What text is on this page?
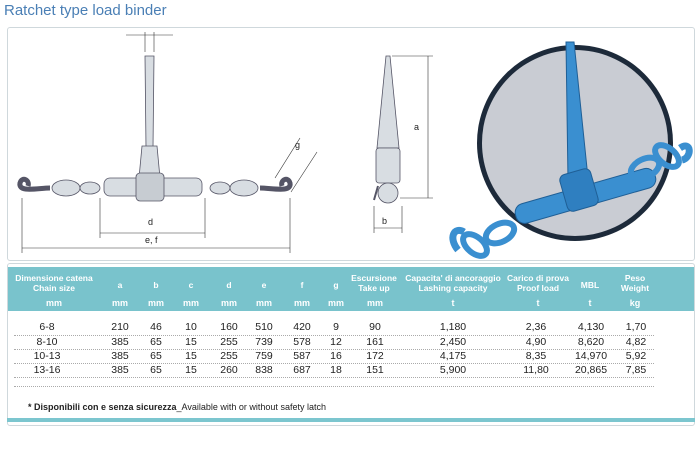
Ratchet type load binder
d
e, f
g
a
b
Dimensione catena
Chain size	a	b	c	d	e	f	g
Escursione
Take up
Capacita' di ancoraggio
Lashing capacity
Carico di prova
Proof load	MBL
Peso
Weight
mm	mm	mm	mm	mm	mm	mm	mm	mm	t	t	t	kg
6-8	210	46	10	160	510	420	9	90	1,180	2,36	4,130	1,70
8-10	385	65	15	255	739	578	12	161	2,450	4,90	8,620	4,82
10-13	385	65	15	255	759	587	16	172	4,175	8,35	14,970	5,92
13-16	385	65	15	260	838	687	18	151	5,900	11,80	20,865	7,85
* Disponibili con e senza sicurezza_Available with or without safety latch
